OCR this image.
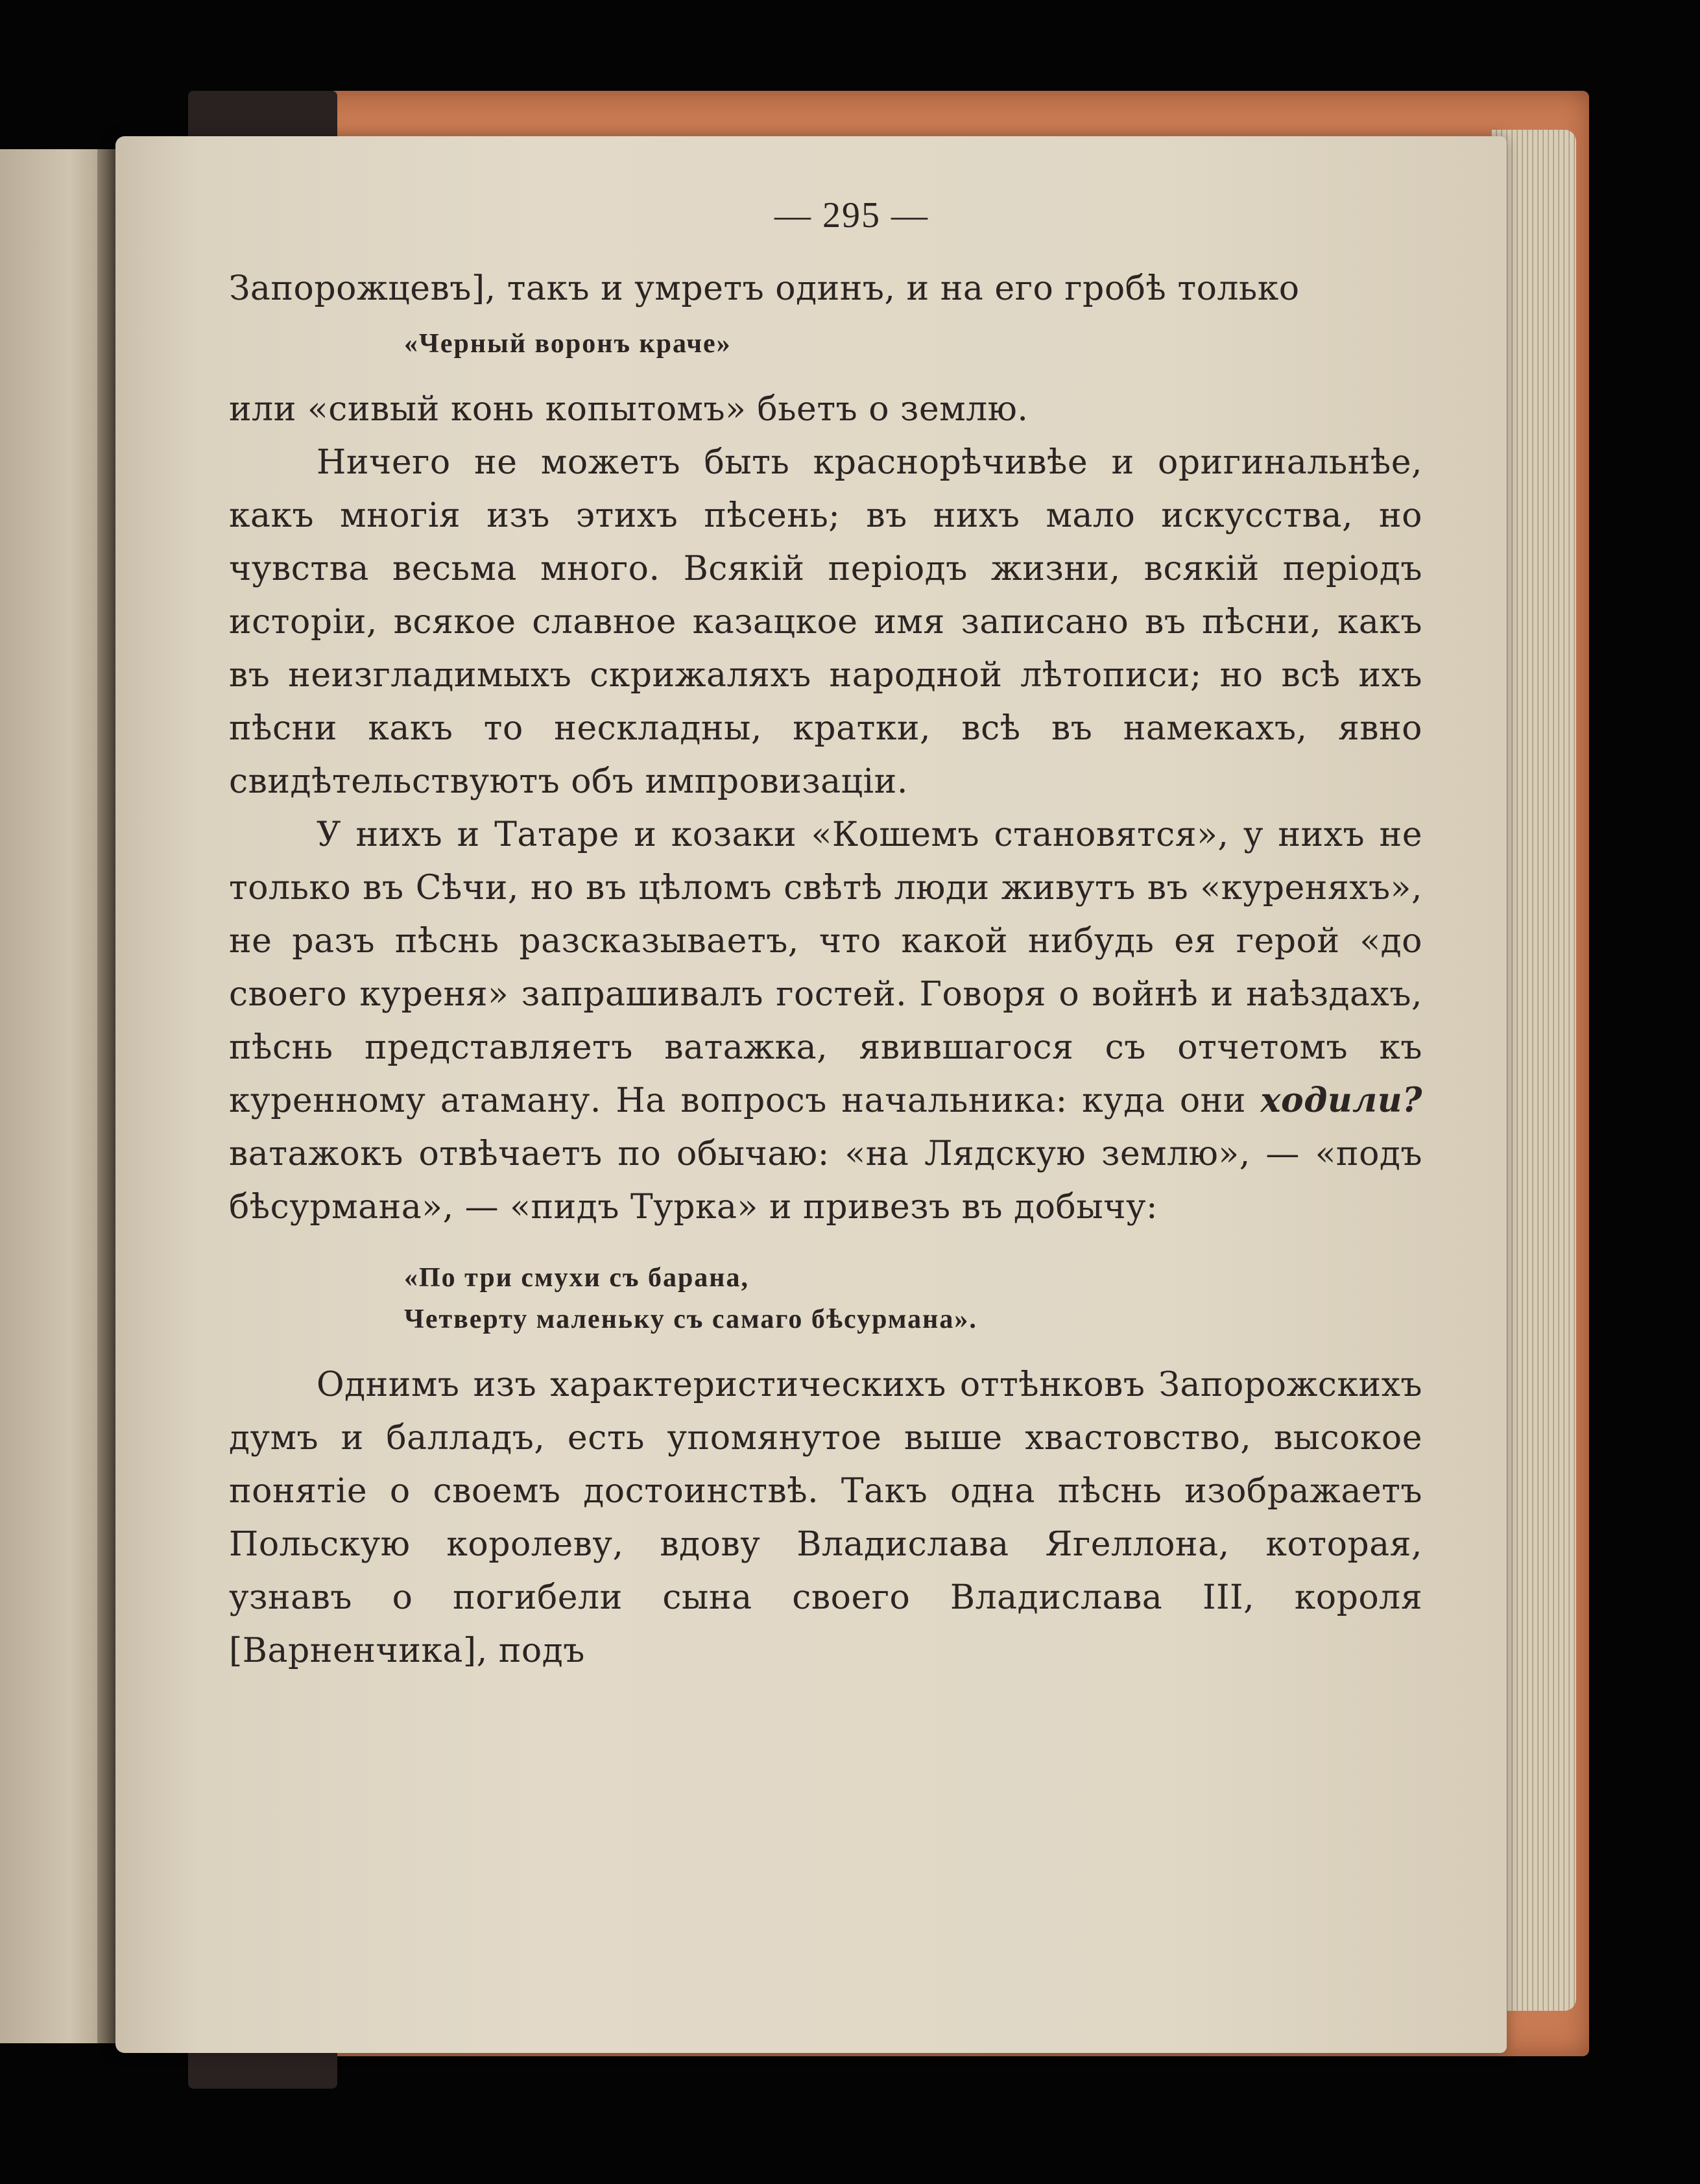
— 295 —

Запорожцевъ], такъ и умретъ одинъ, и на его гробѣ только

«Черный воронъ краче»

или «сивый конь копытомъ» бьетъ о землю.

Ничего не можетъ быть краснорѣчивѣе и оригинальнѣе, какъ многія изъ этихъ пѣсень; въ нихъ мало искусства, но чувства весьма много. Всякій періодъ жизни, всякій періодъ исторіи, всякое славное казацкое имя записано въ пѣсни, какъ въ неизгладимыхъ скрижаляхъ народной лѣтописи; но всѣ ихъ пѣсни какъ то нескладны, кратки, всѣ въ намекахъ, явно свидѣтельствуютъ объ импровизаціи.

У нихъ и Татаре и козаки «Кошемъ становятся», у нихъ не только въ Сѣчи, но въ цѣломъ свѣтѣ люди живутъ въ «куреняхъ», не разъ пѣснь разсказываетъ, что какой нибудь ея герой «до своего куреня» запрашивалъ гостей. Говоря о войнѣ и наѣздахъ, пѣснь представляетъ ватажка, явившагося съ отчетомъ къ куренному атаману. На вопросъ начальника: куда они ходили? ватажокъ отвѣчаетъ по обычаю: «на Лядскую землю», — «подъ бѣсурмана», — «пидъ Турка» и привезъ въ добычу:

«По три смухи съ барана,
Четверту маленьку съ самаго бѣсурмана».

Однимъ изъ характеристическихъ оттѣнковъ Запорожскихъ думъ и балладъ, есть упомянутое выше хвастовство, высокое понятіе о своемъ достоинствѣ. Такъ одна пѣснь изображаетъ Польскую королеву, вдову Владислава Ягеллона, которая, узнавъ о погибели сына своего Владислава III, короля [Варненчика], подъ
